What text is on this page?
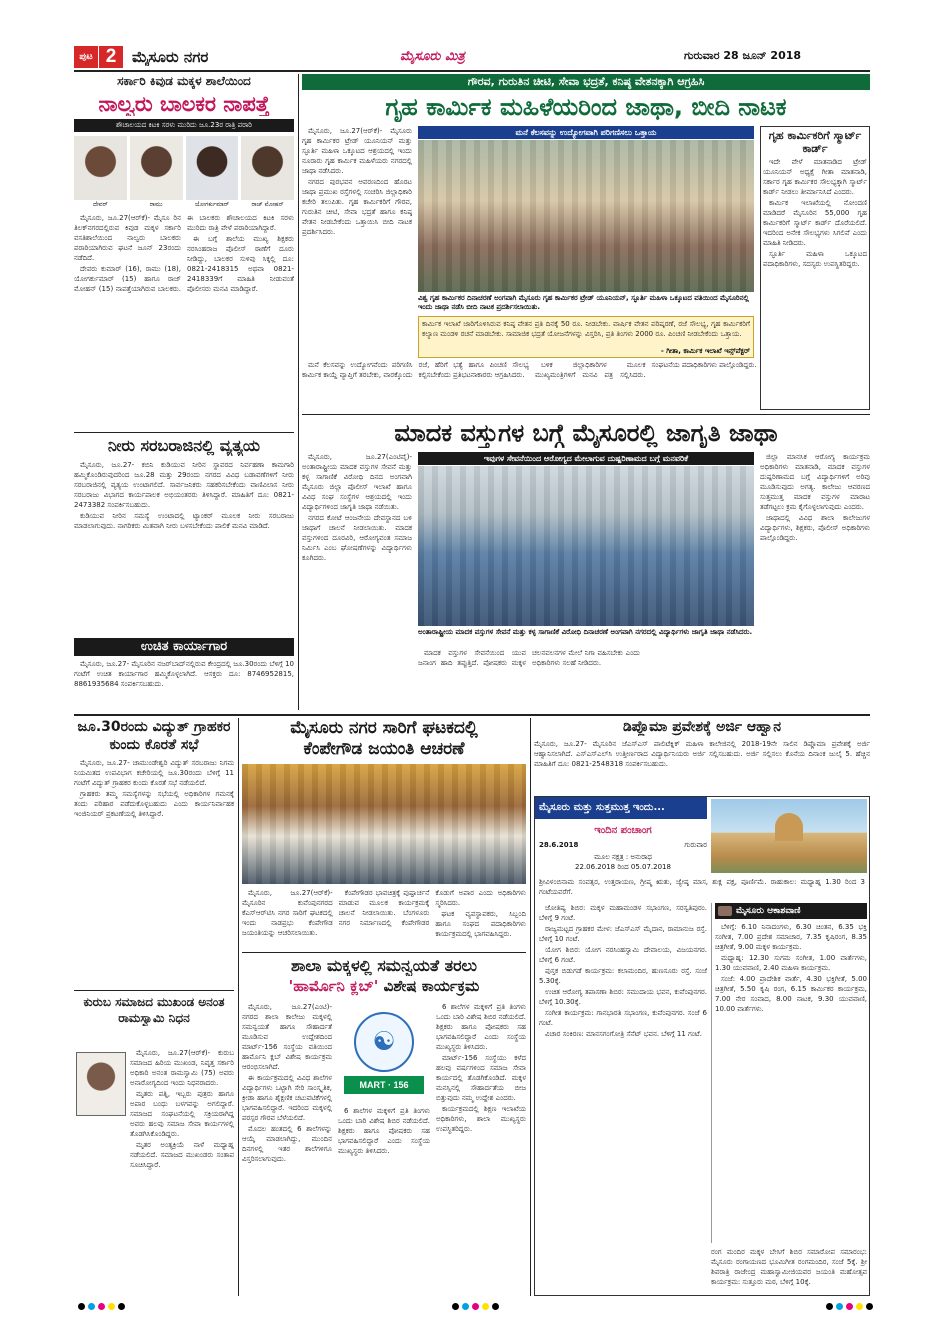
ಪುಟ 2	ಮೈಸೂರು ನಗರ	ಮೈಸೂರು ಮಿತ್ರ	ಗುರುವಾರ 28 ಜೂನ್ 2018
ಸರ್ಕಾರಿ ಕಿವುಡ ಮಕ್ಕಳ ಶಾಲೆಯಿಂದ
ನಾಲ್ವರು ಬಾಲಕರ ನಾಪತ್ತೆ
ಶೌಚಾಲಯದ ಕಿಟಕಿ ಸರಳು ಮುರಿದು ಜೂ.23ರ ರಾತ್ರಿ ಪರಾರಿ
ದೇವರ್	ರಾಮು	ಯೋಗರ್ಕುಮಾರ್	ರಾಜ್ ಮೋಹನ್

ಮೈಸೂರು, ಜೂ.27(ಆರ್‌ಕೆ)- ಮೈಸೂ ರಿನ ತಿಲಕ್‌ನಗರದಲ್ಲಿರುವ ಕಿವುಡ ಮಕ್ಕಳ ಸರ್ಕಾರಿ ವಸತಿಶಾಲೆಯಿಂದ ನಾಲ್ವರು ಬಾಲಕರು ಪರಾರಿಯಾಗಿರುವ ಘಟನೆ ಜೂನ್ 23ರಂದು ನಡೆದಿದೆ.

ದೇವರು ಕುಮಾರ್ (16), ರಾಮು (18), ಯೋಗರ್ಕುಮಾರ್ (15) ಹಾಗೂ ರಾಜ್ ಮೋಹನ್ (15) ನಾಪತ್ತೆಯಾಗಿರುವ ಬಾಲಕರು. ಈ ಬಾಲಕರು ಶೌಚಾಲಯದ ಕಿಟಕಿ ಸರಳು ಮುರಿದು ರಾತ್ರಿ ವೇಳೆ ಪರಾರಿಯಾಗಿದ್ದಾರೆ.

ಈ ಬಗ್ಗೆ ಶಾಲೆಯ ಮುಖ್ಯ ಶಿಕ್ಷಕರು ನರಸಿಂಹರಾಜ ಪೊಲೀಸ್ ಠಾಣೆಗೆ ದೂರು ನೀಡಿದ್ದು, ಬಾಲಕರ ಸುಳಿವು ಸಿಕ್ಕಲ್ಲಿ ದೂ: 0821-2418315 ಅಥವಾ 0821-2418339ಗೆ ಮಾಹಿತಿ ನೀಡುವಂತೆ ಪೊಲೀಸರು ಮನವಿ ಮಾಡಿದ್ದಾರೆ.

ನೀರು ಸರಬರಾಜಿನಲ್ಲಿ ವ್ಯತ್ಯಯ

ಮೈಸೂರು, ಜೂ.27- ಕಬಿನಿ ಕುಡಿಯುವ ನೀರಿನ ಸ್ಥಾವರದ ನಿರ್ವಹಣಾ ಕಾಮಗಾರಿ ಹಮ್ಮಿಕೊಂಡಿರುವುದರಿಂದ ಜೂ.28 ಮತ್ತು 29ರಂದು ನಗರದ ವಿವಿಧ ಬಡಾವಣೆಗಳಿಗೆ ನೀರು ಸರಬರಾಜಿನಲ್ಲಿ ವ್ಯತ್ಯಯ ಉಂಟಾಗಲಿದೆ. ಸಾರ್ವಜನಿಕರು ಸಹಕರಿಸಬೇಕೆಂದು ವಾಣಿವಿಲಾಸ ನೀರು ಸರಬರಾಜು ವಿಭಾಗದ ಕಾರ್ಯಪಾಲಕ ಅಭಿಯಂತರರು ತಿಳಿಸಿದ್ದಾರೆ. ಮಾಹಿತಿಗೆ ದೂ: 0821-2473382 ಸಂಪರ್ಕಿಸಬಹುದು.

ಕುಡಿಯುವ ನೀರಿನ ಸಮಸ್ಯೆ ಉಂಟಾದಲ್ಲಿ ಟ್ಯಾಂಕರ್ ಮೂಲಕ ನೀರು ಸರಬರಾಜು ಮಾಡಲಾಗುವುದು. ನಾಗರಿಕರು ಮಿತವಾಗಿ ನೀರು ಬಳಸಬೇಕೆಂದು ಪಾಲಿಕೆ ಮನವಿ ಮಾಡಿದೆ.

ಉಚಿತ ಕಾರ್ಯಾಗಾರ

ಮೈಸೂರು, ಜೂ.27- ಮೈಸೂರಿನ ನಜರ್‌ಬಾದ್‌ನಲ್ಲಿರುವ ಕೇಂದ್ರದಲ್ಲಿ ಜೂ.30ರಂದು ಬೆಳಿಗ್ಗೆ 10 ಗಂಟೆಗೆ ಉಚಿತ ಕಾರ್ಯಾಗಾರ ಹಮ್ಮಿಕೊಳ್ಳಲಾಗಿದೆ. ಆಸಕ್ತರು ದೂ: 8746952815, 8861935684 ಸಂಪರ್ಕಿಸಬಹುದು.

ಗೌರವ, ಗುರುತಿನ ಚೀಟಿ, ಸೇವಾ ಭದ್ರತೆ, ಕನಿಷ್ಠ ವೇತನಕ್ಕಾಗಿ ಆಗ್ರಹಿಸಿ
ಗೃಹ ಕಾರ್ಮಿಕ ಮಹಿಳೆಯರಿಂದ ಜಾಥಾ, ಬೀದಿ ನಾಟಕ

ಮೈಸೂರು, ಜೂ.27(ಆರ್‌ಕೆ)- ಮೈಸೂರು ಗೃಹ ಕಾರ್ಮಿಕರ ಟ್ರೇಡ್ ಯೂನಿಯನ್ ಮತ್ತು ಸ್ಫೂರ್ತಿ ಮಹಿಳಾ ಒಕ್ಕೂಟದ ಆಶ್ರಯದಲ್ಲಿ ಇಂದು ನೂರಾರು ಗೃಹ ಕಾರ್ಮಿಕ ಮಹಿಳೆಯರು ನಗರದಲ್ಲಿ ಜಾಥಾ ನಡೆಸಿದರು.

ನಗರದ ಪುರಭವನ ಆವರಣದಿಂದ ಹೊರಟ ಜಾಥಾ ಪ್ರಮುಖ ರಸ್ತೆಗಳಲ್ಲಿ ಸಂಚರಿಸಿ ಜಿಲ್ಲಾಧಿಕಾರಿ ಕಚೇರಿ ತಲುಪಿತು. ಗೃಹ ಕಾರ್ಮಿಕರಿಗೆ ಗೌರವ, ಗುರುತಿನ ಚೀಟಿ, ಸೇವಾ ಭದ್ರತೆ ಹಾಗೂ ಕನಿಷ್ಠ ವೇತನ ನೀಡಬೇಕೆಂದು ಒತ್ತಾಯಿಸಿ ಬೀದಿ ನಾಟಕ ಪ್ರದರ್ಶಿಸಿದರು.

ಮನೆ ಕೆಲಸವನ್ನು ಉದ್ಯೋಗವೆಂದು ಪರಿಗಣಿಸಿ ಕಾರ್ಮಿಕ ಕಾಯ್ದೆ ವ್ಯಾಪ್ತಿಗೆ ತರಬೇಕು, ವಾರಕ್ಕೊಂದು ರಜೆ, ಹೆರಿಗೆ ಭತ್ಯೆ ಹಾಗೂ ಪಿಂಚಣಿ ಸೌಲಭ್ಯ ಕಲ್ಪಿಸಬೇಕೆಂದು ಪ್ರತಿಭಟನಾಕಾರರು ಆಗ್ರಹಿಸಿದರು.

ಬಳಿಕ ಜಿಲ್ಲಾಧಿಕಾರಿಗಳ ಮೂಲಕ ಮುಖ್ಯಮಂತ್ರಿಗಳಿಗೆ ಮನವಿ ಪತ್ರ ಸಲ್ಲಿಸಿದರು. ಸಂಘಟನೆಯ ಪದಾಧಿಕಾರಿಗಳು ಪಾಲ್ಗೊಂಡಿದ್ದರು.

ಮನೆ ಕೆಲಸವನ್ನು ಉದ್ಯೋಗವಾಗಿ ಪರಿಗಣಿಸಲು ಒತ್ತಾಯ
ವಿಶ್ವ ಗೃಹ ಕಾರ್ಮಿಕರ ದಿನಾಚರಣೆ ಅಂಗವಾಗಿ ಮೈಸೂರು ಗೃಹ ಕಾರ್ಮಿಕರ ಟ್ರೇಡ್ ಯೂನಿಯನ್, ಸ್ಫೂರ್ತಿ ಮಹಿಳಾ ಒಕ್ಕೂಟದ ವತಿಯಿಂದ ಮೈಸೂರಿನಲ್ಲಿ ಇಂದು ಜಾಥಾ ನಡೆಸಿ ಬೀದಿ ನಾಟಕ ಪ್ರದರ್ಶಿಸಲಾಯಿತು.
ಕಾರ್ಮಿಕ ಇಲಾಖೆ ಜಾರಿಗೊಳಿಸಿರುವ ಕನಿಷ್ಠ ವೇತನ ಪ್ರತಿ ದಿನಕ್ಕೆ 50 ರೂ. ನೀಡಬೇಕು. ವಾರ್ಷಿಕ ವೇತನ ಪರಿಷ್ಕರಣೆ, ರಜೆ ಸೌಲಭ್ಯ, ಗೃಹ ಕಾರ್ಮಿಕರಿಗೆ ಕಲ್ಯಾಣ ಮಂಡಳಿ ರಚನೆ ಮಾಡಬೇಕು. ಸಾಮಾಜಿಕ ಭದ್ರತೆ ಯೋಜನೆಗಳನ್ನು ವಿಸ್ತರಿಸಿ, ಪ್ರತಿ ತಿಂಗಳು 2000 ರೂ. ಪಿಂಚಣಿ ನೀಡಬೇಕೆಂದು ಒತ್ತಾಯ.
- ಗೀತಾ, ಕಾರ್ಮಿಕ ಇಲಾಖೆ ಇನ್ಸ್‌ಪೆಕ್ಟರ್
ಗೃಹ ಕಾರ್ಮಿಕರಿಗೆ ಸ್ಮಾರ್ಟ್ ಕಾರ್ಡ್

ಇದೇ ವೇಳೆ ಮಾತನಾಡಿದ ಟ್ರೇಡ್ ಯೂನಿಯನ್ ಅಧ್ಯಕ್ಷೆ ಗೀತಾ ಮಾತನಾಡಿ, ಸರ್ಕಾರ ಗೃಹ ಕಾರ್ಮಿಕರ ಸೌಲಭ್ಯಕ್ಕಾಗಿ ಸ್ಮಾರ್ಟ್ ಕಾರ್ಡ್ ನೀಡಲು ತೀರ್ಮಾನಿಸಿದೆ ಎಂದರು.

ಕಾರ್ಮಿಕ ಇಲಾಖೆಯಲ್ಲಿ ನೋಂದಣಿ ಮಾಡಿದರೆ ಮೈಸೂರಿನ 55,000 ಗೃಹ ಕಾರ್ಮಿಕರಿಗೆ ಸ್ಮಾರ್ಟ್ ಕಾರ್ಡ್ ದೊರೆಯಲಿದೆ. ಇದರಿಂದ ಅನೇಕ ಸೌಲಭ್ಯಗಳು ಸಿಗಲಿವೆ ಎಂದು ಮಾಹಿತಿ ನೀಡಿದರು.

ಸ್ಫೂರ್ತಿ ಮಹಿಳಾ ಒಕ್ಕೂಟದ ಪದಾಧಿಕಾರಿಗಳು, ಸದಸ್ಯರು ಉಪಸ್ಥಿತರಿದ್ದರು.

ಮಾದಕ ವಸ್ತುಗಳ ಬಗ್ಗೆ ಮೈಸೂರಲ್ಲಿ ಜಾಗೃತಿ ಜಾಥಾ

ಮೈಸೂರು, ಜೂ.27(ಎಂಟಿವೈ)- ಅಂತಾರಾಷ್ಟ್ರೀಯ ಮಾದಕ ವಸ್ತುಗಳ ಸೇವನೆ ಮತ್ತು ಕಳ್ಳ ಸಾಗಾಣಿಕೆ ವಿರೋಧಿ ದಿನದ ಅಂಗವಾಗಿ ಮೈಸೂರು ಜಿಲ್ಲಾ ಪೊಲೀಸ್ ಇಲಾಖೆ ಹಾಗೂ ವಿವಿಧ ಸಂಘ ಸಂಸ್ಥೆಗಳ ಆಶ್ರಯದಲ್ಲಿ ಇಂದು ವಿದ್ಯಾರ್ಥಿಗಳಿಂದ ಜಾಗೃತಿ ಜಾಥಾ ನಡೆಯಿತು.

ನಗರದ ಕೋಟೆ ಆಂಜನೇಯ ದೇವಸ್ಥಾನದ ಬಳಿ ಜಾಥಾಗೆ ಚಾಲನೆ ನೀಡಲಾಯಿತು. ಮಾದಕ ವಸ್ತುಗಳಿಂದ ದೂರವಿರಿ, ಆರೋಗ್ಯವಂತ ಸಮಾಜ ನಿರ್ಮಿಸಿ ಎಂಬ ಘೋಷಣೆಗಳನ್ನು ವಿದ್ಯಾರ್ಥಿಗಳು ಕೂಗಿದರು.

ಇವುಗಳ ಸೇವನೆಯಿಂದ ಆರೋಗ್ಯದ ಮೇಲಾಗುವ ದುಷ್ಪರಿಣಾಮದ ಬಗ್ಗೆ ಮನವರಿಕೆ
ಅಂತಾರಾಷ್ಟ್ರೀಯ ಮಾದಕ ವಸ್ತುಗಳ ಸೇವನೆ ಮತ್ತು ಕಳ್ಳ ಸಾಗಾಣಿಕೆ ವಿರೋಧಿ ದಿನಾಚರಣೆ ಅಂಗವಾಗಿ ನಗರದಲ್ಲಿ ವಿದ್ಯಾರ್ಥಿಗಳು ಜಾಗೃತಿ ಜಾಥಾ ನಡೆಸಿದರು.

ಮಾದಕ ವಸ್ತುಗಳ ಸೇವನೆಯಿಂದ ಯುವ ಜನಾಂಗ ಹಾದಿ ತಪ್ಪುತ್ತಿದೆ. ಪೋಷಕರು ಮಕ್ಕಳ ಚಲನವಲನಗಳ ಮೇಲೆ ನಿಗಾ ವಹಿಸಬೇಕು ಎಂದು ಅಧಿಕಾರಿಗಳು ಸಲಹೆ ನೀಡಿದರು.

ಜಿಲ್ಲಾ ಮಾನಸಿಕ ಆರೋಗ್ಯ ಕಾರ್ಯಕ್ರಮ ಅಧಿಕಾರಿಗಳು ಮಾತನಾಡಿ, ಮಾದಕ ವಸ್ತುಗಳ ದುಷ್ಪರಿಣಾಮದ ಬಗ್ಗೆ ವಿದ್ಯಾರ್ಥಿಗಳಿಗೆ ಅರಿವು ಮೂಡಿಸುವುದು ಅಗತ್ಯ. ಕಾಲೇಜು ಆವರಣದ ಸುತ್ತಮುತ್ತ ಮಾದಕ ವಸ್ತುಗಳ ಮಾರಾಟ ತಡೆಗಟ್ಟಲು ಕ್ರಮ ಕೈಗೊಳ್ಳಲಾಗುವುದು ಎಂದರು.

ಜಾಥಾದಲ್ಲಿ ವಿವಿಧ ಶಾಲಾ ಕಾಲೇಜುಗಳ ವಿದ್ಯಾರ್ಥಿಗಳು, ಶಿಕ್ಷಕರು, ಪೊಲೀಸ್ ಅಧಿಕಾರಿಗಳು ಪಾಲ್ಗೊಂಡಿದ್ದರು.

ಜೂ.30ರಂದು ವಿದ್ಯುತ್ ಗ್ರಾಹಕರ ಕುಂದು ಕೊರತೆ ಸಭೆ

ಮೈಸೂರು, ಜೂ.27- ಚಾಮುಂಡೇಶ್ವರಿ ವಿದ್ಯುತ್ ಸರಬರಾಜು ನಿಗಮ ನಿಯಮಿತದ ಉಪವಿಭಾಗ ಕಚೇರಿಯಲ್ಲಿ ಜೂ.30ರಂದು ಬೆಳಿಗ್ಗೆ 11 ಗಂಟೆಗೆ ವಿದ್ಯುತ್ ಗ್ರಾಹಕರ ಕುಂದು ಕೊರತೆ ಸಭೆ ನಡೆಯಲಿದೆ.

ಗ್ರಾಹಕರು ತಮ್ಮ ಸಮಸ್ಯೆಗಳನ್ನು ಸಭೆಯಲ್ಲಿ ಅಧಿಕಾರಿಗಳ ಗಮನಕ್ಕೆ ತಂದು ಪರಿಹಾರ ಪಡೆದುಕೊಳ್ಳಬಹುದು ಎಂದು ಕಾರ್ಯನಿರ್ವಾಹಕ ಇಂಜಿನಿಯರ್ ಪ್ರಕಟಣೆಯಲ್ಲಿ ತಿಳಿಸಿದ್ದಾರೆ.

ಕುರುಬ ಸಮಾಜದ ಮುಖಂಡ ಅನಂತ ರಾಮಸ್ವಾಮಿ ನಿಧನ

ಮೈಸೂರು, ಜೂ.27(ಆರ್‌ಕೆ)- ಕುರುಬ ಸಮಾಜದ ಹಿರಿಯ ಮುಖಂಡ, ನಿವೃತ್ತ ಸರ್ಕಾರಿ ಅಧಿಕಾರಿ ಅನಂತ ರಾಮಸ್ವಾಮಿ (75) ಅವರು ಅನಾರೋಗ್ಯದಿಂದ ಇಂದು ನಿಧನರಾದರು.

ಮೃತರು ಪತ್ನಿ, ಇಬ್ಬರು ಪುತ್ರರು ಹಾಗೂ ಅಪಾರ ಬಂಧು ಬಳಗವನ್ನು ಅಗಲಿದ್ದಾರೆ. ಸಮಾಜದ ಸಂಘಟನೆಯಲ್ಲಿ ಸಕ್ರಿಯರಾಗಿದ್ದ ಅವರು ಹಲವು ಸಮಾಜ ಸೇವಾ ಕಾರ್ಯಗಳಲ್ಲಿ ತೊಡಗಿಸಿಕೊಂಡಿದ್ದರು.

ಮೃತರ ಅಂತ್ಯಕ್ರಿಯೆ ನಾಳೆ ಮಧ್ಯಾಹ್ನ ನಡೆಯಲಿದೆ. ಸಮಾಜದ ಮುಖಂಡರು ಸಂತಾಪ ಸೂಚಿಸಿದ್ದಾರೆ.

ಮೈಸೂರು ನಗರ ಸಾರಿಗೆ ಘಟಕದಲ್ಲಿ
ಕೆಂಪೇಗೌಡ ಜಯಂತಿ ಆಚರಣೆ

ಮೈಸೂರು, ಜೂ.27(ಆರ್‌ಕೆ)- ಮೈಸೂರಿನ ಕುವೆಂಪುನಗರದ ಕೆಎಸ್‌ಆರ್‌ಟಿಸಿ ನಗರ ಸಾರಿಗೆ ಘಟಕದಲ್ಲಿ ಇಂದು ನಾಡಪ್ರಭು ಕೆಂಪೇಗೌಡ ಜಯಂತಿಯನ್ನು ಆಚರಿಸಲಾಯಿತು.

ಕೆಂಪೇಗೌಡರ ಭಾವಚಿತ್ರಕ್ಕೆ ಪುಷ್ಪಾರ್ಚನೆ ಮಾಡುವ ಮೂಲಕ ಕಾರ್ಯಕ್ರಮಕ್ಕೆ ಚಾಲನೆ ನೀಡಲಾಯಿತು. ಬೆಂಗಳೂರು ನಗರ ನಿರ್ಮಾಣದಲ್ಲಿ ಕೆಂಪೇಗೌಡರ ಕೊಡುಗೆ ಅಪಾರ ಎಂದು ಅಧಿಕಾರಿಗಳು ಸ್ಮರಿಸಿದರು.

ಘಟಕ ವ್ಯವಸ್ಥಾಪಕರು, ಸಿಬ್ಬಂದಿ ಹಾಗೂ ಸಂಘದ ಪದಾಧಿಕಾರಿಗಳು ಕಾರ್ಯಕ್ರಮದಲ್ಲಿ ಭಾಗವಹಿಸಿದ್ದರು.

ಶಾಲಾ ಮಕ್ಕಳಲ್ಲಿ ಸಮನ್ವಯತೆ ತರಲು
'ಹಾರ್ಮೊನಿ ಕ್ಲಬ್' ವಿಶೇಷ ಕಾರ್ಯಕ್ರಮ

ಮೈಸೂರು, ಜೂ.27(ಎಂಟಿ)- ನಗರದ ಶಾಲಾ ಕಾಲೇಜು ಮಕ್ಕಳಲ್ಲಿ ಸಮನ್ವಯತೆ ಹಾಗೂ ಸೌಹಾರ್ದತೆ ಮೂಡಿಸುವ ಉದ್ದೇಶದಿಂದ ಮಾರ್ಟ್-156 ಸಂಸ್ಥೆಯ ವತಿಯಿಂದ ಹಾರ್ಮೊನಿ ಕ್ಲಬ್ ವಿಶೇಷ ಕಾರ್ಯಕ್ರಮ ಆರಂಭಿಸಲಾಗಿದೆ.

ಈ ಕಾರ್ಯಕ್ರಮದಲ್ಲಿ ವಿವಿಧ ಶಾಲೆಗಳ ವಿದ್ಯಾರ್ಥಿಗಳು ಒಟ್ಟಾಗಿ ಸೇರಿ ಸಾಂಸ್ಕೃತಿಕ, ಕ್ರೀಡಾ ಹಾಗೂ ಶೈಕ್ಷಣಿಕ ಚಟುವಟಿಕೆಗಳಲ್ಲಿ ಭಾಗವಹಿಸಲಿದ್ದಾರೆ. ಇದರಿಂದ ಮಕ್ಕಳಲ್ಲಿ ಪರಸ್ಪರ ಗೌರವ ಬೆಳೆಯಲಿದೆ.

ಮೊದಲ ಹಂತದಲ್ಲಿ 6 ಶಾಲೆಗಳನ್ನು ಆಯ್ಕೆ ಮಾಡಲಾಗಿದ್ದು, ಮುಂದಿನ ದಿನಗಳಲ್ಲಿ ಇತರ ಶಾಲೆಗಳಿಗೂ ವಿಸ್ತರಿಸಲಾಗುವುದು.

☯
MART · 156

6 ಶಾಲೆಗಳ ಮಕ್ಕಳಿಗೆ ಪ್ರತಿ ತಿಂಗಳು ಒಂದು ಬಾರಿ ವಿಶೇಷ ಶಿಬಿರ ನಡೆಯಲಿದೆ. ಶಿಕ್ಷಕರು ಹಾಗೂ ಪೋಷಕರು ಸಹ ಭಾಗವಹಿಸಲಿದ್ದಾರೆ ಎಂದು ಸಂಸ್ಥೆಯ ಮುಖ್ಯಸ್ಥರು ತಿಳಿಸಿದರು.

ಮಾರ್ಟ್-156 ಸಂಸ್ಥೆಯು ಕಳೆದ ಹಲವು ವರ್ಷಗಳಿಂದ ಸಮಾಜ ಸೇವಾ ಕಾರ್ಯದಲ್ಲಿ ತೊಡಗಿಕೊಂಡಿದೆ. ಮಕ್ಕಳ ಮನಸ್ಸಿನಲ್ಲಿ ಸೌಹಾರ್ದತೆಯ ಬೀಜ ಬಿತ್ತುವುದು ನಮ್ಮ ಉದ್ದೇಶ ಎಂದರು.

ಕಾರ್ಯಕ್ರಮದಲ್ಲಿ ಶಿಕ್ಷಣ ಇಲಾಖೆಯ ಅಧಿಕಾರಿಗಳು, ಶಾಲಾ ಮುಖ್ಯಸ್ಥರು ಉಪಸ್ಥಿತರಿದ್ದರು.

6 ಶಾಲೆಗಳ ಮಕ್ಕಳಿಗೆ ಪ್ರತಿ ತಿಂಗಳು ಒಂದು ಬಾರಿ ವಿಶೇಷ ಶಿಬಿರ ನಡೆಯಲಿದೆ. ಶಿಕ್ಷಕರು ಹಾಗೂ ಪೋಷಕರು ಸಹ ಭಾಗವಹಿಸಲಿದ್ದಾರೆ ಎಂದು ಸಂಸ್ಥೆಯ ಮುಖ್ಯಸ್ಥರು ತಿಳಿಸಿದರು.

ಡಿಪ್ಲೊಮಾ ಪ್ರವೇಶಕ್ಕೆ ಅರ್ಜಿ ಆಹ್ವಾನ
ಮೈಸೂರು, ಜೂ.27- ಮೈಸೂರಿನ ಜೆಎಸ್ಎಸ್ ಪಾಲಿಟೆಕ್ನಿಕ್ ಮಹಿಳಾ ಕಾಲೇಜಿನಲ್ಲಿ 2018-19ನೇ ಸಾಲಿನ ಡಿಪ್ಲೊಮಾ ಪ್ರವೇಶಕ್ಕೆ ಅರ್ಜಿ ಆಹ್ವಾನಿಸಲಾಗಿದೆ. ಎಸ್ಎಸ್ಎಲ್‌ಸಿ ಉತ್ತೀರ್ಣರಾದ ವಿದ್ಯಾರ್ಥಿನಿಯರು ಅರ್ಜಿ ಸಲ್ಲಿಸಬಹುದು. ಅರ್ಜಿ ಸಲ್ಲಿಸಲು ಕೊನೆಯ ದಿನಾಂಕ ಜುಲೈ 5. ಹೆಚ್ಚಿನ ಮಾಹಿತಿಗೆ ದೂ: 0821-2548318 ಸಂಪರ್ಕಿಸಬಹುದು.
ಮೈಸೂರು ಮತ್ತು ಸುತ್ತಮುತ್ತ ಇಂದು...
ಇಂದಿನ ಪಂಚಾಂಗ
28.6.2018	ಗುರುವಾರ
ಮೂಲ ನಕ್ಷತ್ರ : ಅನುರಾಧ
22.06.2018 ರಿಂದ 05.07.2018
ಶ್ರೀವಿಳಂಬಿನಾಮ ಸಂವತ್ಸರ, ಉತ್ತರಾಯಣ, ಗ್ರೀಷ್ಮ ಋತು, ಜ್ಯೇಷ್ಠ ಮಾಸ, ಶುಕ್ಲ ಪಕ್ಷ, ಪೂರ್ಣಿಮೆ. ರಾಹುಕಾಲ: ಮಧ್ಯಾಹ್ನ 1.30 ರಿಂದ 3 ಗಂಟೆಯವರೆಗೆ.

ಜೋತಿಷ್ಯ ಶಿಬಿರ: ಮಕ್ಕಳ ಮಹಾಮಂಡಳ ಸಭಾಂಗಣ, ಸರಸ್ವತಿಪುರಂ. ಬೆಳಿಗ್ಗೆ 9 ಗಂಟೆ.

ರಾಜ್ಯಮಟ್ಟದ ಗ್ರಾಹಕರ ಮೇಳ: ಜೆಎಸ್ಎಸ್ ಮೈದಾನ, ರಾಮಾನುಜ ರಸ್ತೆ. ಬೆಳಿಗ್ಗೆ 10 ಗಂಟೆ.

ಯೋಗ ಶಿಬಿರ: ಯೋಗ ನರಸಿಂಹಸ್ವಾಮಿ ದೇವಾಲಯ, ವಿಜಯನಗರ. ಬೆಳಿಗ್ಗೆ 6 ಗಂಟೆ.

ಪುಸ್ತಕ ಬಿಡುಗಡೆ ಕಾರ್ಯಕ್ರಮ: ಕಲಾಮಂದಿರ, ಹುಣಸೂರು ರಸ್ತೆ. ಸಂಜೆ 5.30ಕ್ಕೆ.

ಉಚಿತ ಆರೋಗ್ಯ ತಪಾಸಣಾ ಶಿಬಿರ: ಸಮುದಾಯ ಭವನ, ಕುವೆಂಪುನಗರ. ಬೆಳಿಗ್ಗೆ 10.30ಕ್ಕೆ.

ಸಂಗೀತ ಕಾರ್ಯಕ್ರಮ: ಗಾನಭಾರತಿ ಸಭಾಂಗಣ, ಕುವೆಂಪುನಗರ. ಸಂಜೆ 6 ಗಂಟೆ.

ವಿಚಾರ ಸಂಕಿರಣ: ಮಾನಸಗಂಗೋತ್ರಿ ಸೆನೆಟ್ ಭವನ. ಬೆಳಿಗ್ಗೆ 11 ಗಂಟೆ.

ಮೈಸೂರು ಆಕಾಶವಾಣಿ

ಬೆಳಿಗ್ಗೆ: 6.10 ನಿನಾದಂಗಳು, 6.30 ಚಿಂತನ, 6.35 ಭಕ್ತಿ ಸಂಗೀತ, 7.00 ಪ್ರದೇಶ ಸಮಾಚಾರ, 7.35 ಕೃಷಿರಂಗ, 8.35 ಚಿತ್ರಗೀತೆ, 9.00 ಮಕ್ಕಳ ಕಾರ್ಯಕ್ರಮ.

ಮಧ್ಯಾಹ್ನ: 12.30 ಸುಗಮ ಸಂಗೀತ, 1.00 ವಾರ್ತೆಗಳು, 1.30 ಯುವವಾಣಿ, 2.40 ಮಹಿಳಾ ಕಾರ್ಯಕ್ರಮ.

ಸಂಜೆ: 4.00 ಪ್ರಾದೇಶಿಕ ವಾರ್ತೆ, 4.30 ಭಕ್ತಿಗೀತೆ, 5.00 ಚಿತ್ರಗೀತೆ, 5.50 ಕೃಷಿ ರಂಗ, 6.15 ಕಾರ್ಮಿಕರ ಕಾರ್ಯಕ್ರಮ, 7.00 ನೇರ ಸಂವಾದ, 8.00 ನಾಟಕ, 9.30 ಯುವವಾಣಿ, 10.00 ವಾರ್ತೆಗಳು.

ರಂಗ ಮಂದಿರ ಮಕ್ಕಳ ಬೇಸಿಗೆ ಶಿಬಿರ ಸಮಾರೋಪ ಸಮಾರಂಭ: ಮೈಸೂರು ರಂಗಾಯಣದ ಭೂಮಿಗೀತ ರಂಗಮಂದಿರ, ಸಂಜೆ 5ಕ್ಕೆ. ಶ್ರೀ ಶಿವರಾತ್ರಿ ರಾಜೇಂದ್ರ ಮಹಾಸ್ವಾಮೀಜಿಯವರ ಜಯಂತಿ ಮಹೋತ್ಸವ ಕಾರ್ಯಕ್ರಮ: ಸುತ್ತೂರು ಮಠ, ಬೆಳಿಗ್ಗೆ 10ಕ್ಕೆ.
